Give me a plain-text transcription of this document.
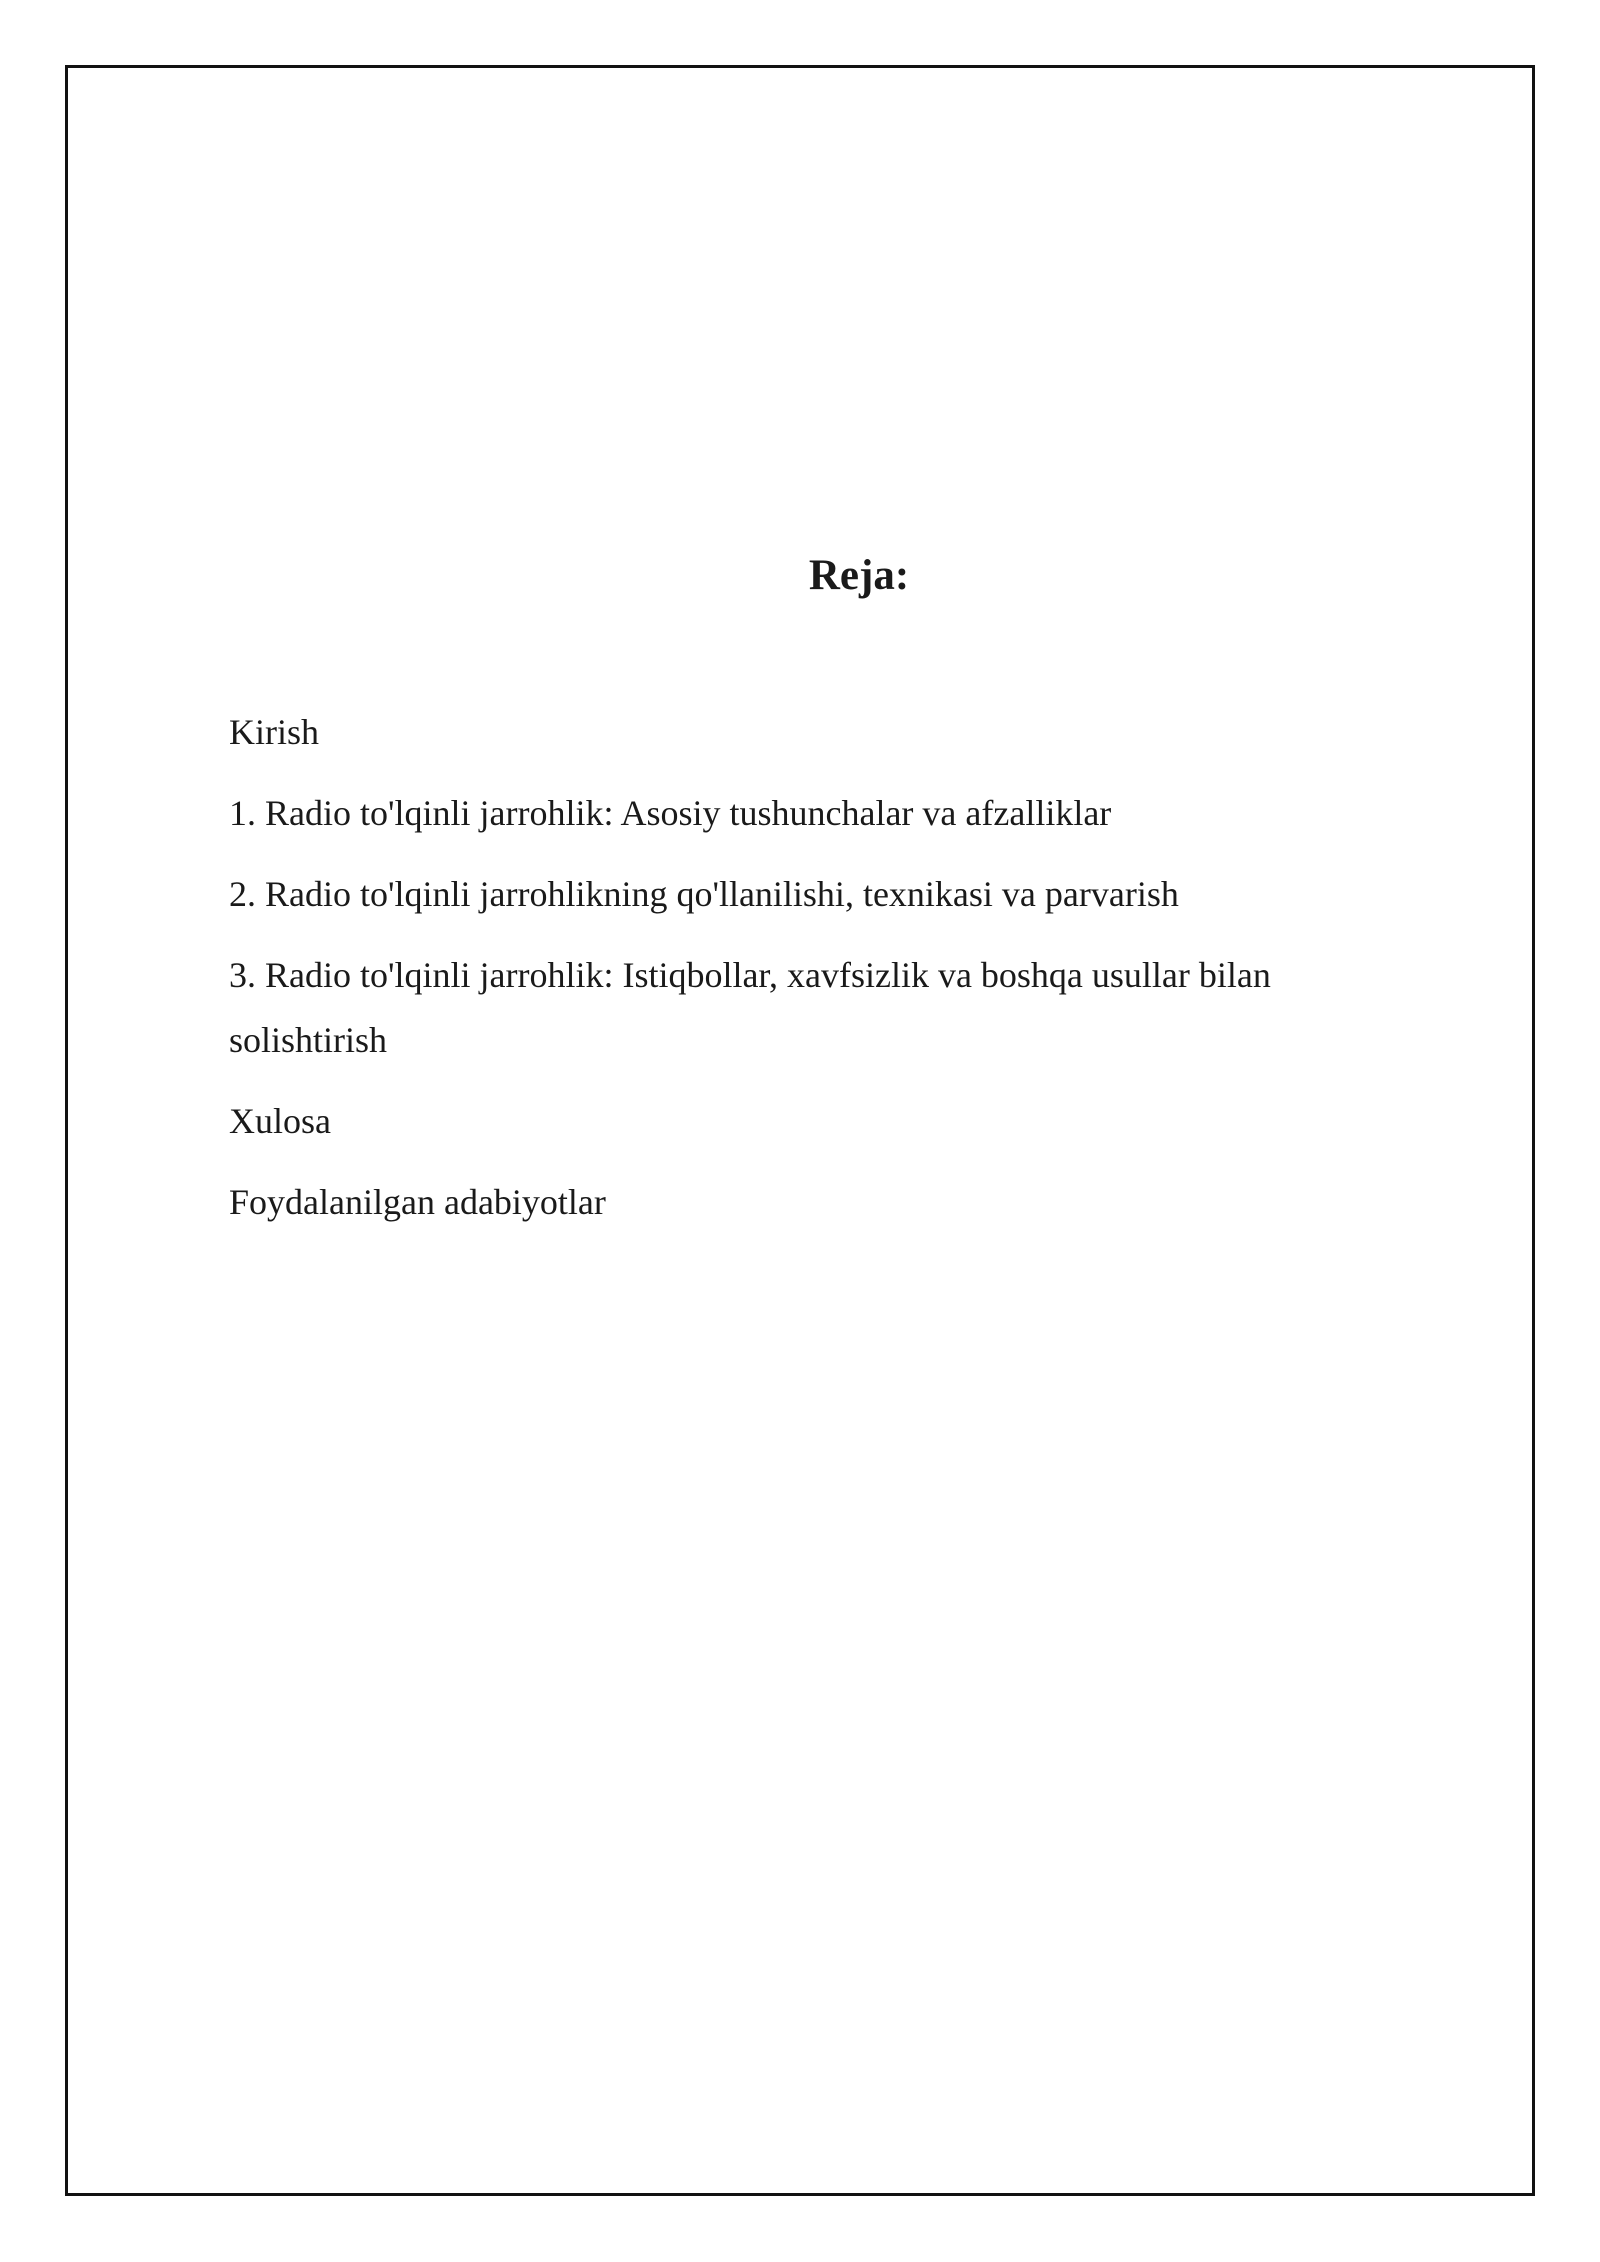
Reja:
Kirish
1. Radio to'lqinli jarrohlik: Asosiy tushunchalar va afzalliklar
2. Radio to'lqinli jarrohlikning qo'llanilishi, texnikasi va parvarish
3. Radio to'lqinli jarrohlik: Istiqbollar, xavfsizlik va boshqa usullar bilan solishtirish
Xulosa
Foydalanilgan adabiyotlar
